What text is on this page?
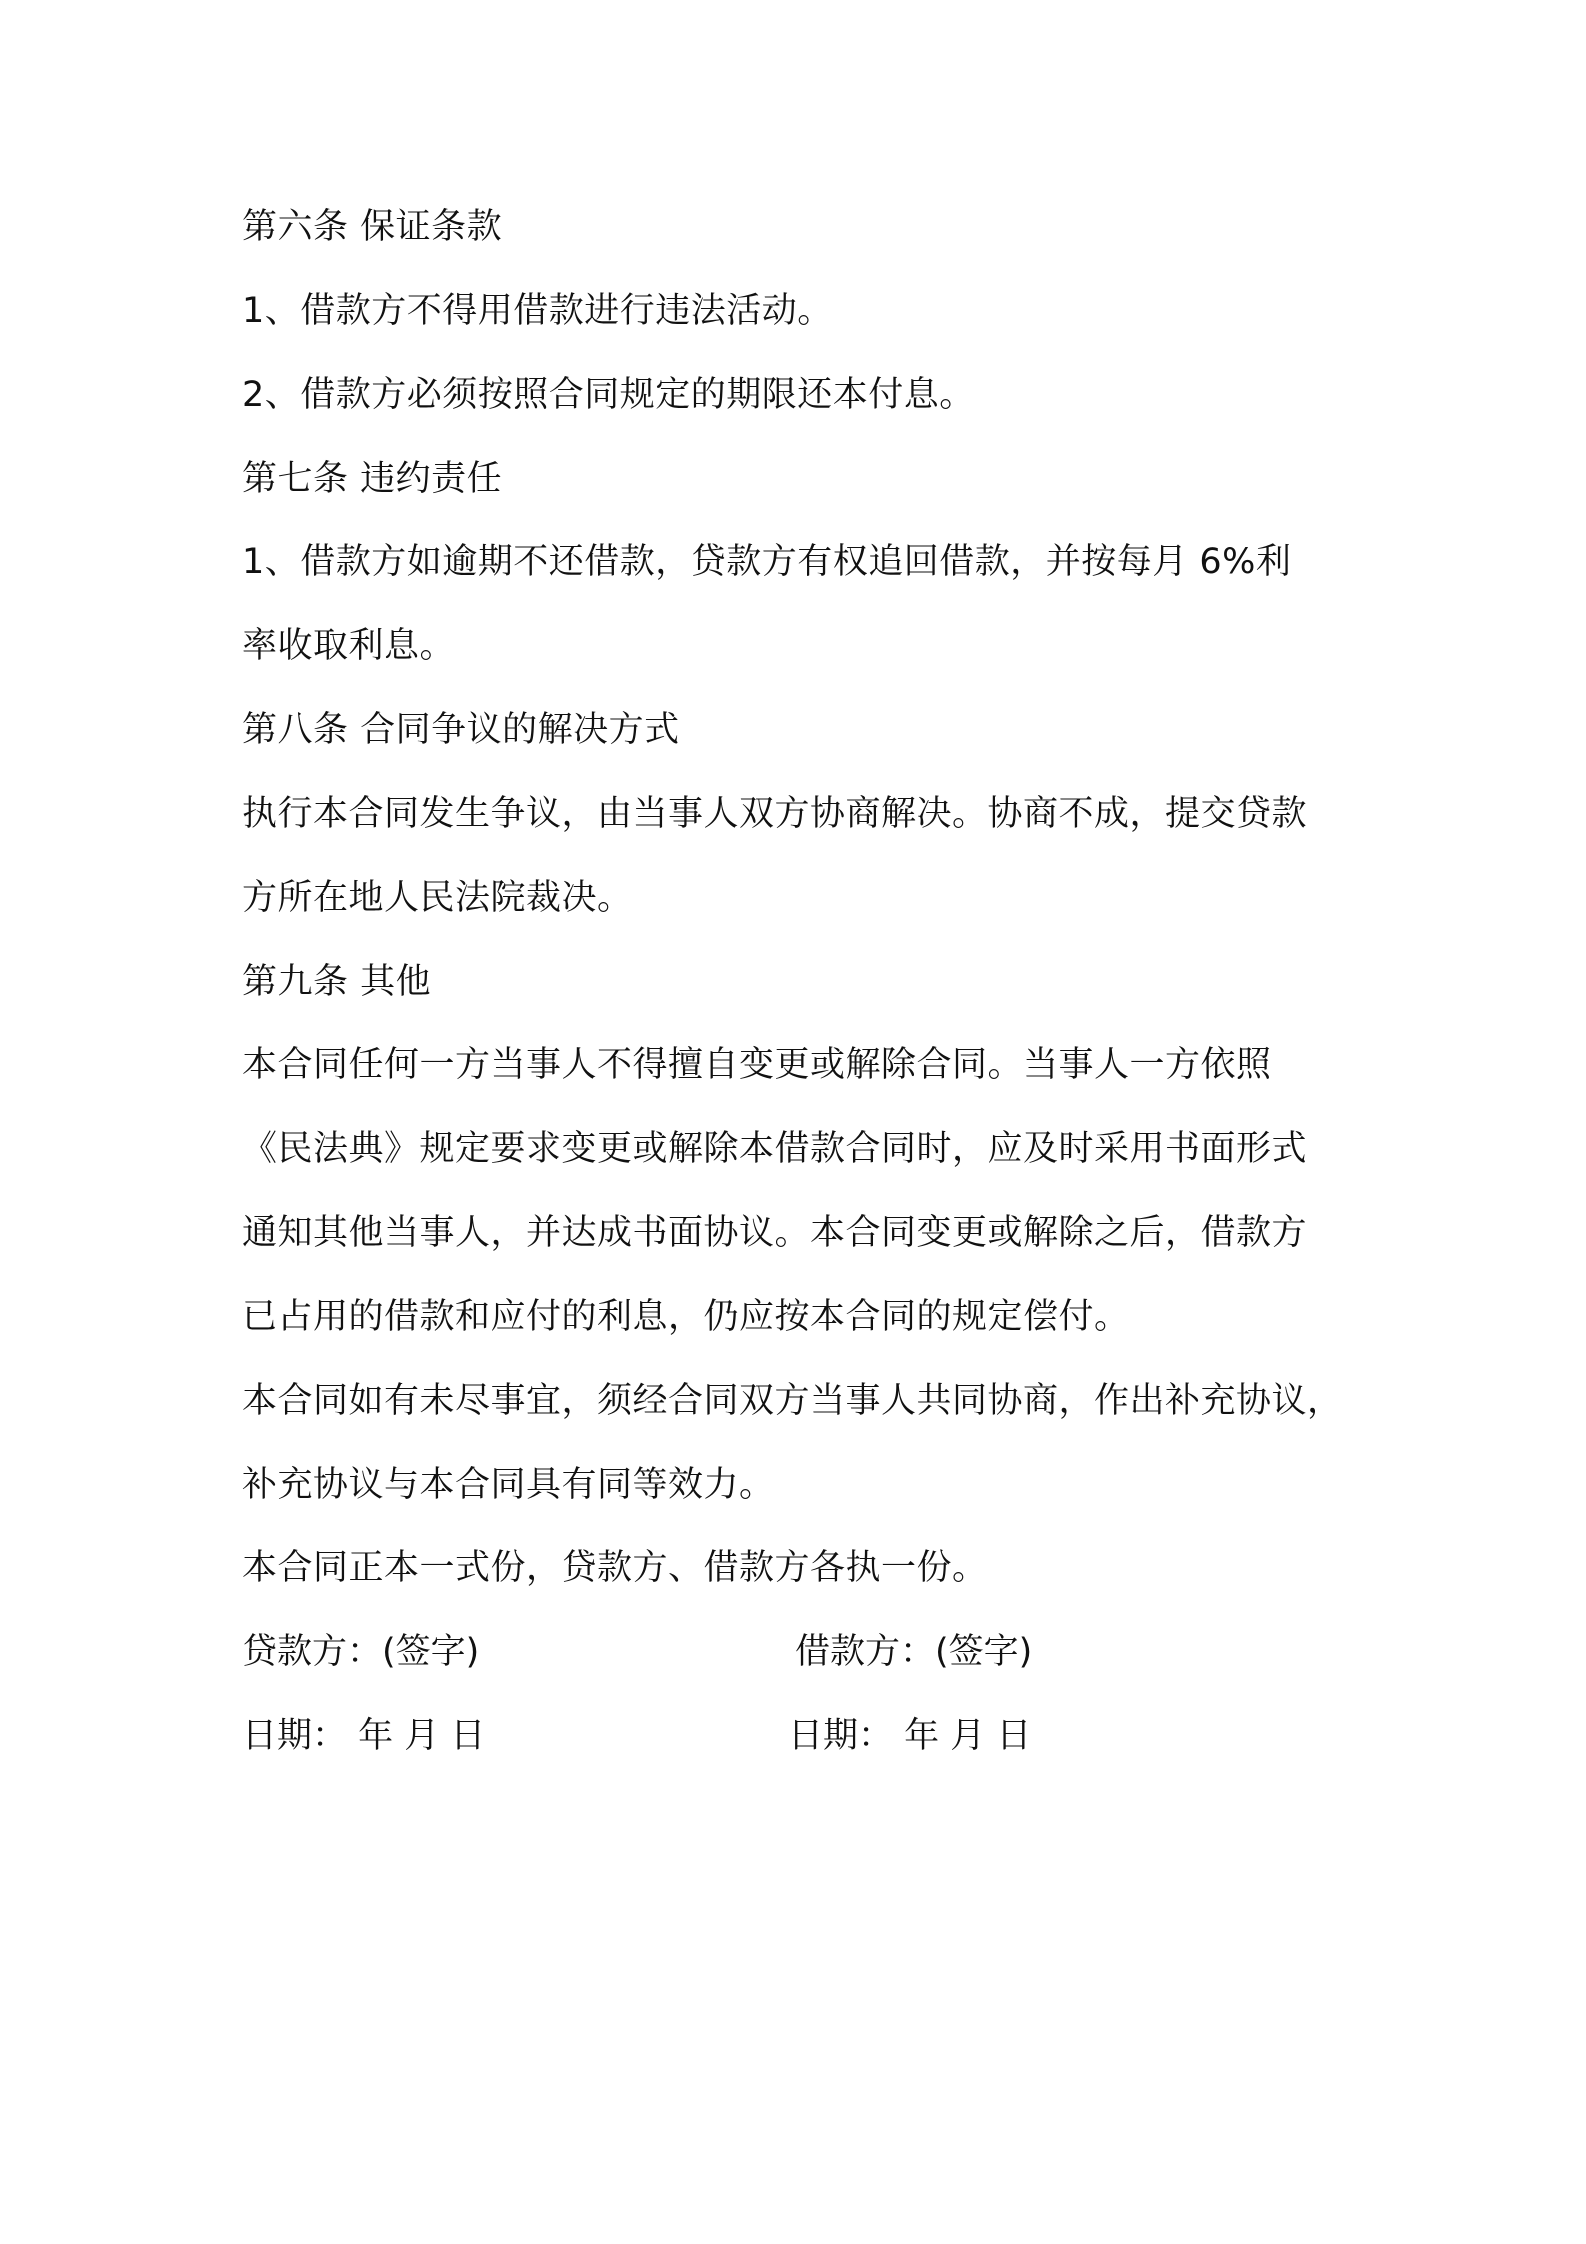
第六条 保证条款
1、借款方不得用借款进行违法活动。
2、借款方必须按照合同规定的期限还本付息。
第七条 违约责任
1、借款方如逾期不还借款，贷款方有权追回借款，并按每月 6%利
率收取利息。
第八条 合同争议的解决方式
执行本合同发生争议，由当事人双方协商解决。协商不成，提交贷款
方所在地人民法院裁决。
第九条 其他
本合同任何一方当事人不得擅自变更或解除合同。当事人一方依照
《民法典》规定要求变更或解除本借款合同时，应及时采用书面形式
通知其他当事人，并达成书面协议。本合同变更或解除之后，借款方
已占用的借款和应付的利息，仍应按本合同的规定偿付。
本合同如有未尽事宜，须经合同双方当事人共同协商，作出补充协议，
补充协议与本合同具有同等效力。
本合同正本一式份，贷款方、借款方各执一份。
贷款方：(签字)	借款方：(签字)
日期： 年 月 日	日期： 年 月 日
